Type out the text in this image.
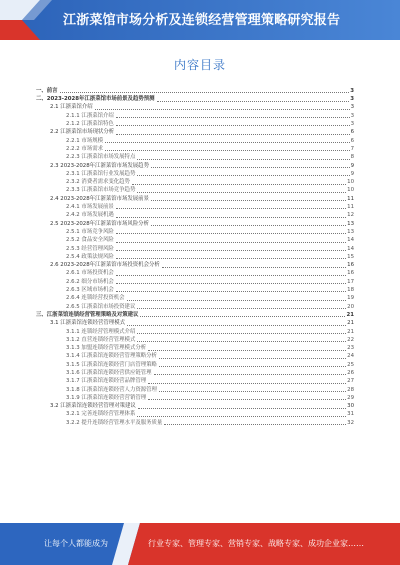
江浙菜馆市场分析及连锁经营管理策略研究报告
内容目录
一、前言	3
二、2023-2028年江浙菜馆市场前景及趋势预测	3
2.1 江浙菜馆介绍	3
2.1.1 江浙菜馆介绍	3
2.1.2 江浙菜馆特色	3
2.2 江浙菜馆市场现状分析	6
2.2.1 市场规模	6
2.2.2 市场需求	7
2.2.3 江浙菜馆市场发展特点	8
2.3 2023-2028年江浙菜馆市场发展趋势	9
2.3.1 江浙菜馆行业发展趋势	9
2.3.2 消费者需求变化趋势	10
2.3.3 江浙菜馆市场竞争趋势	10
2.4 2023-2028年江浙菜馆市场发展前景	11
2.4.1 市场发展前景	11
2.4.2 市场发展机遇	12
2.5 2023-2028年江浙菜馆市场风险分析	13
2.5.1 市场竞争风险	13
2.5.2 食品安全风险	14
2.5.3 经营管理风险	14
2.5.4 政策法规风险	15
2.6 2023-2028年江浙菜馆市场投资机会分析	16
2.6.1 市场投资机会	16
2.6.2 细分市场机会	17
2.6.3 区域市场机会	18
2.6.4 连锁经营投资机会	19
2.6.5 江浙菜馆市场投资建议	20
三、江浙菜馆连锁经营管理策略及对策建议	21
3.1 江浙菜馆连锁经营管理模式	21
3.1.1 连锁经营管理模式介绍	21
3.1.2 直营连锁经营管理模式	22
3.1.3 加盟连锁经营管理模式分析	23
3.1.4 江浙菜馆连锁经营管理策略分析	24
3.1.5 江浙菜馆连锁经营门店管理策略	25
3.1.6 江浙菜馆连锁经营供应链管理	26
3.1.7 江浙菜馆连锁经营品牌管理	27
3.1.8 江浙菜馆连锁经营人力资源管理	28
3.1.9 江浙菜馆连锁经营营销管理	29
3.2 江浙菜馆连锁经营管理对策建议	30
3.2.1 完善连锁经营管理体系	31
3.2.2 提升连锁经营管理水平及服务质量	32
让每个人都能成为	行业专家、管理专家、营销专家、战略专家、成功企业家……
